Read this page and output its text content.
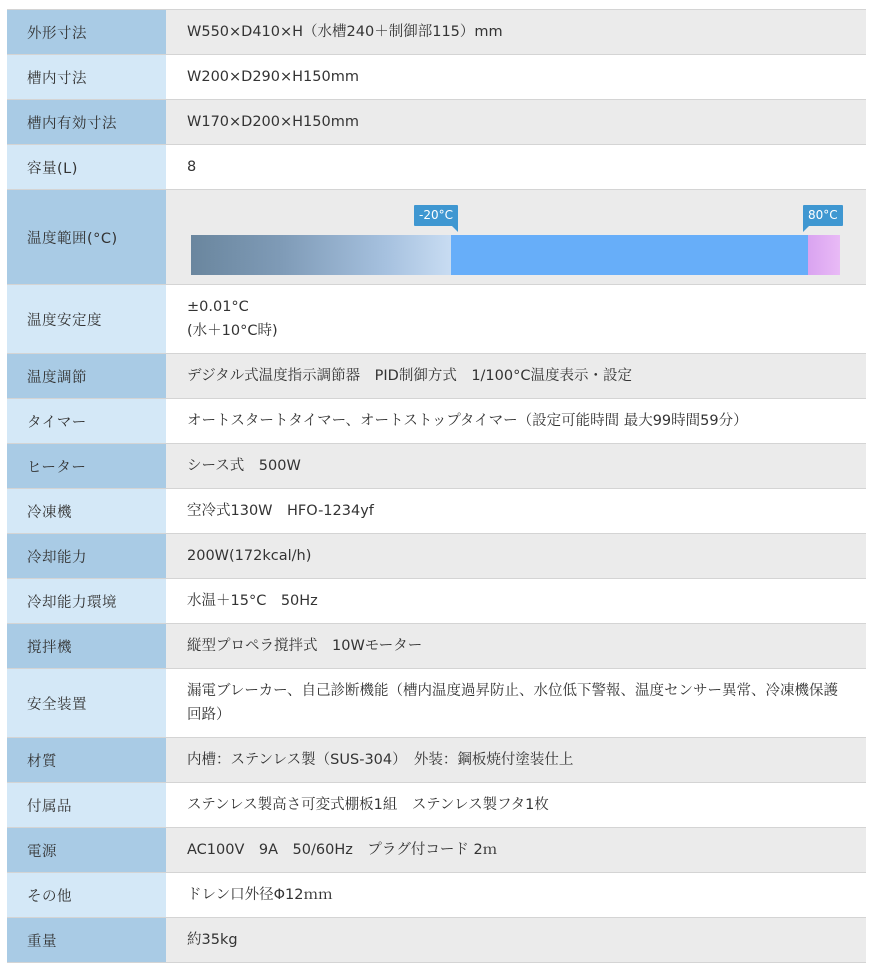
外形寸法	W550×D410×H（水槽240＋制御部115）mm
槽内寸法	W200×D290×H150mm
槽内有効寸法	W170×D200×H150mm
容量(L)	8
温度範囲(°C)	-20°C 80°C

温度安定度	±0.01°C
(水＋10°C時)

温度調節	デジタル式温度指示調節器　PID制御方式　1/100°C温度表示・設定
タイマー	オートスタートタイマー、オートストップタイマー（設定可能時間 最大99時間59分）
ヒーター	シース式　500W
冷凍機	空冷式130W　HFO-1234yf
冷却能力	200W(172kcal/h)
冷却能力環境	水温＋15°C　50Hz
撹拌機	縦型プロペラ撹拌式　10Wモーター
安全装置	漏電ブレーカー、自己診断機能（槽内温度過昇防止、水位低下警報、温度センサー異常、冷凍機保護回路）
材質	内槽：ステンレス製（SUS-304）　外装：鋼板焼付塗装仕上
付属品	ステンレス製高さ可変式棚板1組　ステンレス製フタ1枚
電源	AC100V　9A　50/60Hz　プラグ付コード 2ｍ
その他	ドレン口外径Φ12ｍｍ
重量	約35kg
